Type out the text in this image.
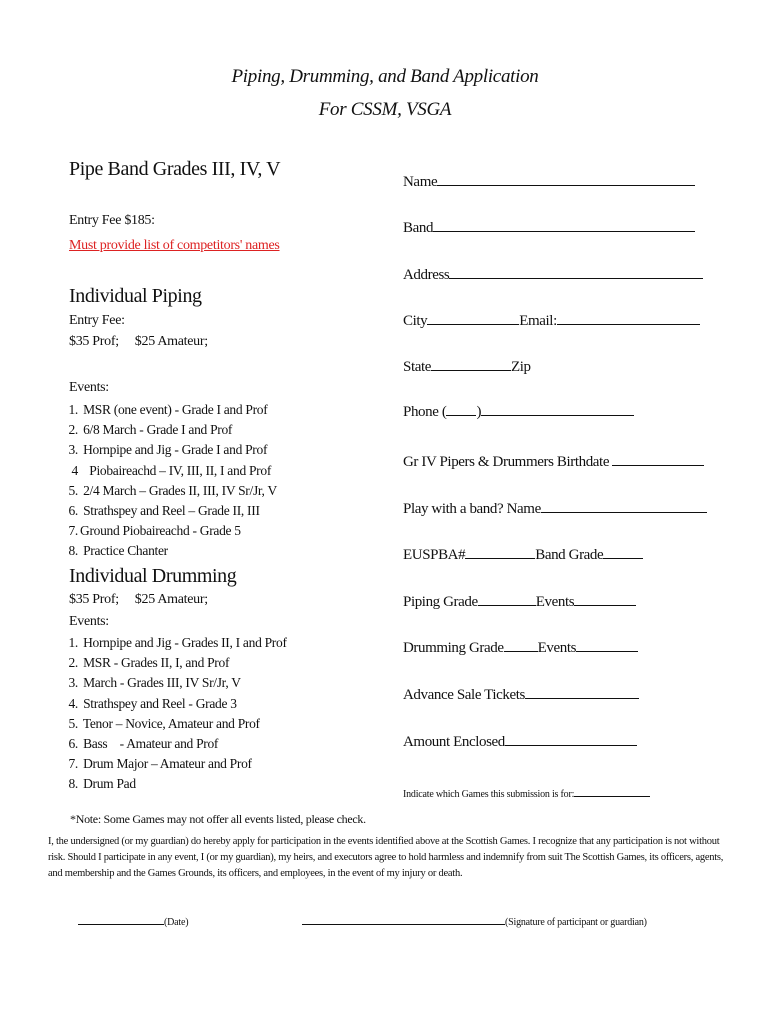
Piping, Drumming, and Band Application
For CSSM, VSGA
Pipe Band Grades III, IV, V
Entry Fee $185:
Must provide list of competitors' names
Individual Piping
Entry Fee:
$35 Prof;     $25 Amateur;
Events:
1. MSR (one event) - Grade I and Prof
2. 6/8 March - Grade I and Prof
3. Hornpipe and Jig - Grade I and Prof
4 Piobaireachd – IV, III, II, I and Prof
5. 2/4 March – Grades II, III, IV Sr/Jr, V
6. Strathspey and Reel – Grade II, III
7. Ground Piobaireachd - Grade 5
8. Practice Chanter
Individual Drumming
$35 Prof;     $25 Amateur;
Events:
1. Hornpipe and Jig - Grades II, I and Prof
2. MSR - Grades II, I, and Prof
3. March - Grades III, IV Sr/Jr, V
4. Strathspey and Reel - Grade 3
5. Tenor – Novice, Amateur and Prof
6. Bass    - Amateur and Prof
7. Drum Major – Amateur and Prof
8. Drum Pad
Name
Band
Address
City	Email:
State	Zip
Phone ( )
Gr IV Pipers & Drummers Birthdate
Play with a band? Name
EUSPBA#	Band Grade
Piping Grade	Events
Drumming Grade Events
Advance Sale Tickets
Amount Enclosed
Indicate which Games this submission is for:
*Note: Some Games may not offer all events listed, please check.
I, the undersigned (or my guardian) do hereby apply for participation in the events identified above at the Scottish Games. I recognize that any participation is not without risk. Should I participate in any event, I (or my guardian), my heirs, and executors agree to hold harmless and indemnify from suit The Scottish Games, its officers, agents, and membership and the Games Grounds, its officers, and employees, in the event of my injury or death.
(Date)	(Signature of participant or guardian)
